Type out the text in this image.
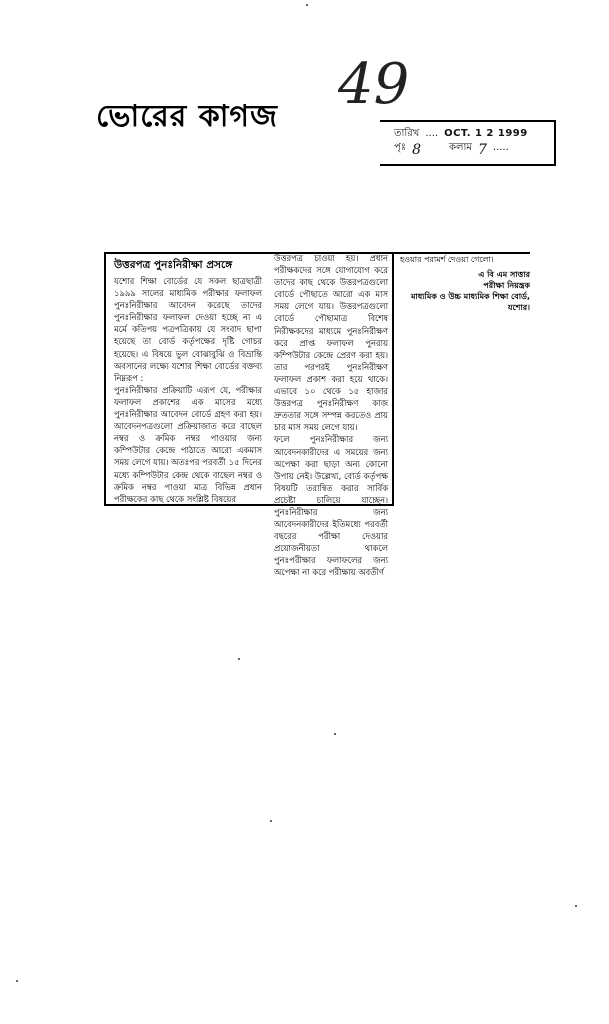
ভোরের কাগজ 49
তারিখ .... OCT. 1 2 1999
পৃঃ 8	কলাম 7 .....
উত্তরপত্র পুনঃনিরীক্ষা প্রসঙ্গে

যশোর শিক্ষা বোর্ডের যে সকল ছাত্রছাত্রী ১৯৯৯ সালের মাধ্যমিক পরীক্ষার ফলাফল পুনঃনিরীক্ষার আবেদন করেছে তাদের পুনঃনিরীক্ষার ফলাফল দেওয়া হচ্ছে না এ মর্মে কতিপয় পত্রপত্রিকায় যে সংবাদ ছাপা হয়েছে তা বোর্ড কর্তৃপক্ষের দৃষ্টি গোচর হয়েছে। এ বিষয়ে ভুল বোঝাবুঝি ও বিভ্রান্তি অবসানের লক্ষ্যে যশোর শিক্ষা বোর্ডের বক্তব্য নিম্নরূপ :

পুনঃনিরীক্ষার প্রক্রিয়াটি এরূপ যে, পরীক্ষার ফলাফল প্রকাশের এক মাসের মধ্যে পুনঃনিরীক্ষার আবেদন বোর্ডে গ্রহণ করা হয়। আবেদনপত্রগুলো প্রক্রিয়াজাত করে বাছেল নম্বর ও ক্রমিক নম্বর পাওয়ার জন্য কম্পিউটার কেন্দ্রে পাঠাতে আরো একমাস সময় লেগে যায়। অতঃপর পরবর্তী ১৫ দিনের মধ্যে কম্পিউটার কেন্দ্র থেকে বাছেল নম্বর ও ক্রমিক নম্বর পাওয়া মাত্র বিভিন্ন প্রধান পরীক্ষকের কাছ থেকে সংশ্লিষ্ট বিষয়ের

উত্তরপত্র চাওয়া হয়। প্রধান পরীক্ষকদের সঙ্গে যোগাযোগ করে তাদের কাছ থেকে উত্তরপত্রগুলো বোর্ডে পৌছাতে আরো এক মাস সময় লেগে যায়। উত্তরপত্রগুলো বোর্ডে পৌছামাত্র বিশেষ নিরীক্ষকদের মাধ্যমে পুনঃনিরীক্ষণ করে প্রাপ্ত ফলাফল পুনরায় কম্পিউটার কেন্দ্রে প্রেরণ করা হয়। তার পরপরই পুনঃনিরীক্ষণ ফলাফল প্রকাশ করা হয়ে থাকে। এভাবে ১০ থেকে ১৫ হাজার উত্তরপত্র পুনঃনিরীক্ষণ কাজ দ্রুততার সঙ্গে সম্পন্ন করতেও প্রায় চার মাস সময় লেগে যায়।

ফলে পুনঃনিরীক্ষার জন্য আবেদনকারীদের এ সময়ের জন্য অপেক্ষা করা ছাড়া অন্য কোনো উপায় নেই। উল্লেখ্য, বোর্ড কর্তৃপক্ষ বিষয়টি তরান্বিত করার সার্বিক প্রচেষ্টা চালিয়ে যাচ্ছেন। পুনঃনিরীক্ষার জন্য আবেদনকারীদের ইতিমধ্যে পরবর্তী বছরের পরীক্ষা দেওয়ার প্রয়োজনীয়তা থাকলে পুনঃপরীক্ষার ফলাফলের জন্য অপেক্ষা না করে পরীক্ষায় অবতীর্ণ

হওয়ার পরামর্শ দেওয়া গেলো।

এ বি এম সাত্তার
পরীক্ষা নিয়ন্ত্রক
মাধ্যমিক ও উচ্চ মাধ্যমিক শিক্ষা বোর্ড,
যশোর।
